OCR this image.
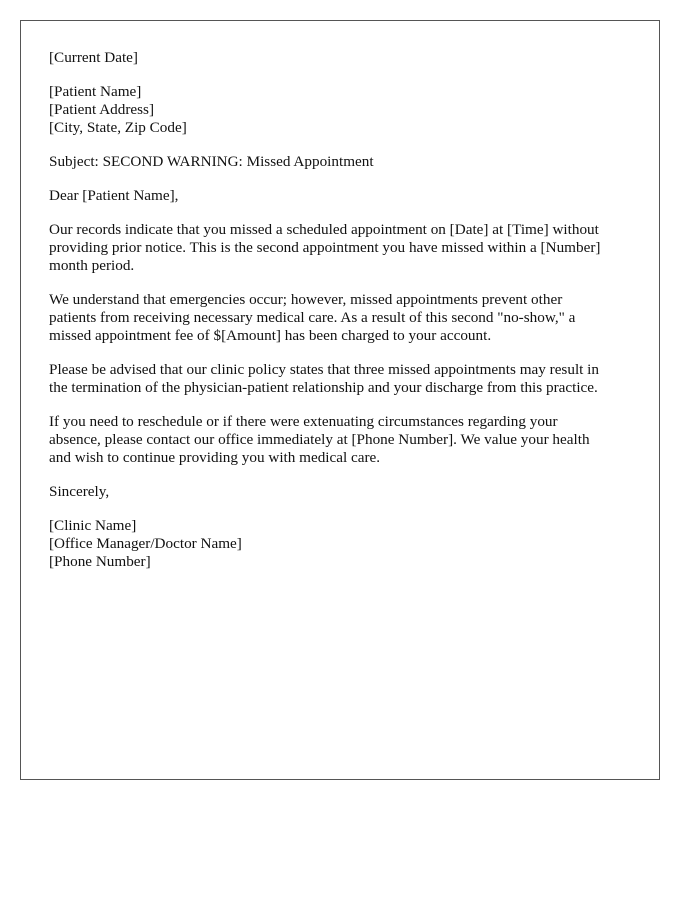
[Current Date]
[Patient Name]
[Patient Address]
[City, State, Zip Code]
Subject: SECOND WARNING: Missed Appointment
Dear [Patient Name],
Our records indicate that you missed a scheduled appointment on [Date] at [Time] without
providing prior notice. This is the second appointment you have missed within a [Number]
month period.
We understand that emergencies occur; however, missed appointments prevent other
patients from receiving necessary medical care. As a result of this second "no-show," a
missed appointment fee of $[Amount] has been charged to your account.
Please be advised that our clinic policy states that three missed appointments may result in
the termination of the physician-patient relationship and your discharge from this practice.
If you need to reschedule or if there were extenuating circumstances regarding your
absence, please contact our office immediately at [Phone Number]. We value your health
and wish to continue providing you with medical care.
Sincerely,
[Clinic Name]
[Office Manager/Doctor Name]
[Phone Number]
